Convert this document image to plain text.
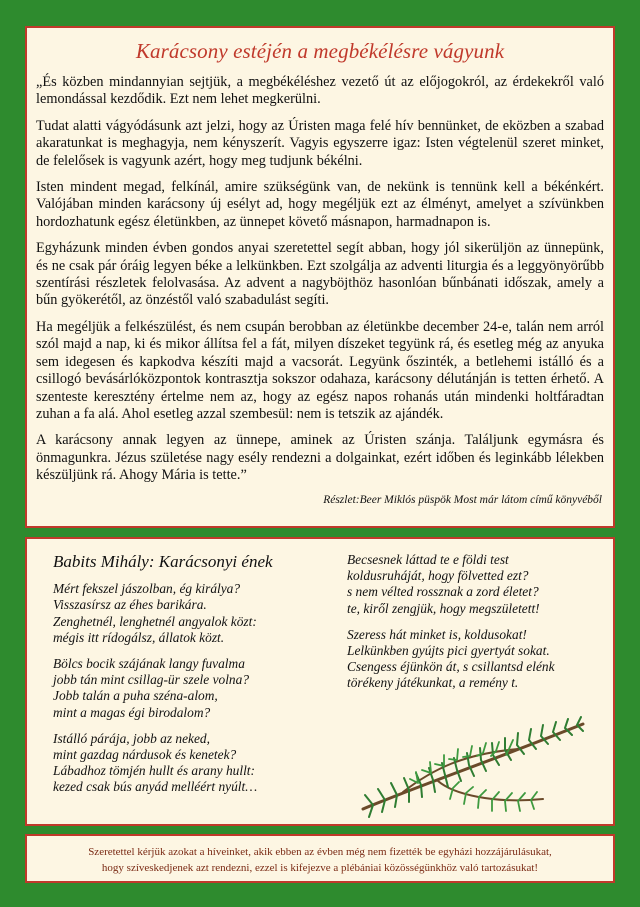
Karácsony estéjén a megbékélésre vágyunk

„És közben mindannyian sejtjük, a megbékéléshez vezető út az előjogokról, az érdekekről való lemondással kezdődik. Ezt nem lehet megkerülni.

Tudat alatti vágyódásunk azt jelzi, hogy az Úristen maga felé hív bennünket, de eközben a szabad akaratunkat is meghagyja, nem kényszerít. Vagyis egyszerre igaz: Isten végtelenül szeret minket, de felelősek is vagyunk azért, hogy meg tudjunk békélni.

Isten mindent megad, felkínál, amire szükségünk van, de nekünk is tennünk kell a békénkért. Valójában minden karácsony új esélyt ad, hogy megéljük ezt az élményt, amelyet a szívünkben hordozhatunk egész életünkben, az ünnepet követő másnapon, harmadnapon is.

Egyházunk minden évben gondos anyai szeretettel segít abban, hogy jól sikerüljön az ünnepünk, és ne csak pár óráig legyen béke a lelkünkben. Ezt szolgálja az adventi liturgia és a leggyönyörűbb szentírási részletek felolvasása. Az advent a nagyböjthöz hasonlóan bűnbánati időszak, amely a bűn gyökerétől, az önzéstől való szabadulást segíti.

Ha megéljük a felkészülést, és nem csupán berobban az életünkbe december 24-e, talán nem arról szól majd a nap, ki és mikor állítsa fel a fát, milyen díszeket tegyünk rá, és esetleg még az anyuka sem idegesen és kapkodva készíti majd a vacsorát. Legyünk őszinték, a betlehemi istálló és a csillogó bevásárlóközpontok kontrasztja sokszor odahaza, karácsony délutánján is tetten érhető. A szenteste keresztény értelme nem az, hogy az egész napos rohanás után mindenki holtfáradtan zuhan a fa alá. Ahol esetleg azzal szembesül: nem is tetszik az ajándék.

A karácsony annak legyen az ünnepe, aminek az Úristen szánja. Találjunk egymásra és önmagunkra. Jézus születése nagy esély rendezni a dolgainkat, ezért időben és leginkább lélekben készüljünk rá. Ahogy Mária is tette.”

Részlet:Beer Miklós püspök Most már látom című könyvéből
Babits Mihály: Karácsonyi ének
Mért fekszel jászolban, ég királya?
Visszasírsz az éhes barikára.
Zenghetnél, lenghetnél angyalok közt:
mégis itt rídogálsz, állatok közt.
Bölcs bocik szájának langy fuvalma
jobb tán mint csillag-ür szele volna?
Jobb talán a puha széna-alom,
mint a magas égi birodalom?
Istálló párája, jobb az neked,
mint gazdag nárdusok és kenetek?
Lábadhoz tömjén hullt és arany hullt:
kezed csak bús anyád melléért nyúlt…
Becsesnek láttad te e földi test
koldusruháját, hogy fölvetted ezt?
s nem vélted rossznak a zord életet?
te, kiről zengjük, hogy megszületett!
Szeress hát minket is, koldusokat!
Lelkünkben gyújts pici gyertyát sokat.
Csengess éjünkön át, s csillantsd elénk
törékeny játékunkat, a remény t.
Szeretettel kérjük azokat a híveinket, akik ebben az évben még nem fizették be egyházi hozzájárulásukat,
hogy szíveskedjenek azt rendezni, ezzel is kifejezve a plébániai közösségünkhöz való tartozásukat!
